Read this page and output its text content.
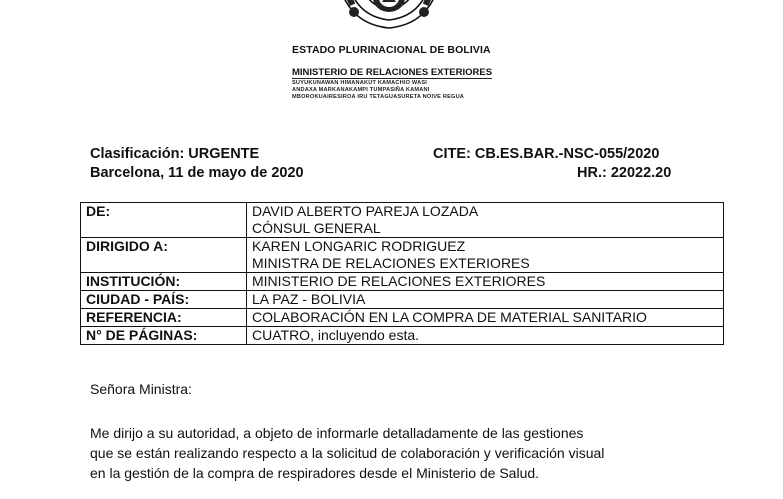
ESTADO PLURINACIONAL DE BOLIVIA
MINISTERIO DE RELACIONES EXTERIORES
SUYUKUNAWAN HIMANAKUT KAMACHIO WASI
ANDAXA MARKANAKAMPI TUMPASIÑA KAMANI
MBOROKUAIRESIROA IRU TETAGUASURETA NOIVE REGUA
Clasificación: URGENTE
Barcelona, 11 de mayo de 2020
CITE: CB.ES.BAR.-NSC-055/2020
HR.: 22022.20
DE:	DAVID ALBERTO PAREJA LOZADA
CÓNSUL GENERAL

DIRIGIDO A:	KAREN LONGARIC RODRIGUEZ
MINISTRA DE RELACIONES EXTERIORES

INSTITUCIÓN:	MINISTERIO DE RELACIONES EXTERIORES
CIUDAD - PAÍS:	LA PAZ - BOLIVIA
REFERENCIA:	COLABORACIÓN EN LA COMPRA DE MATERIAL SANITARIO
N° DE PÁGINAS:	CUATRO, incluyendo esta.
Señora Ministra:
Me dirijo a su autoridad, a objeto de informarle detalladamente de las gestiones
que se están realizando respecto a la solicitud de colaboración y verificación visual
en la gestión de la compra de respiradores desde el Ministerio de Salud.
